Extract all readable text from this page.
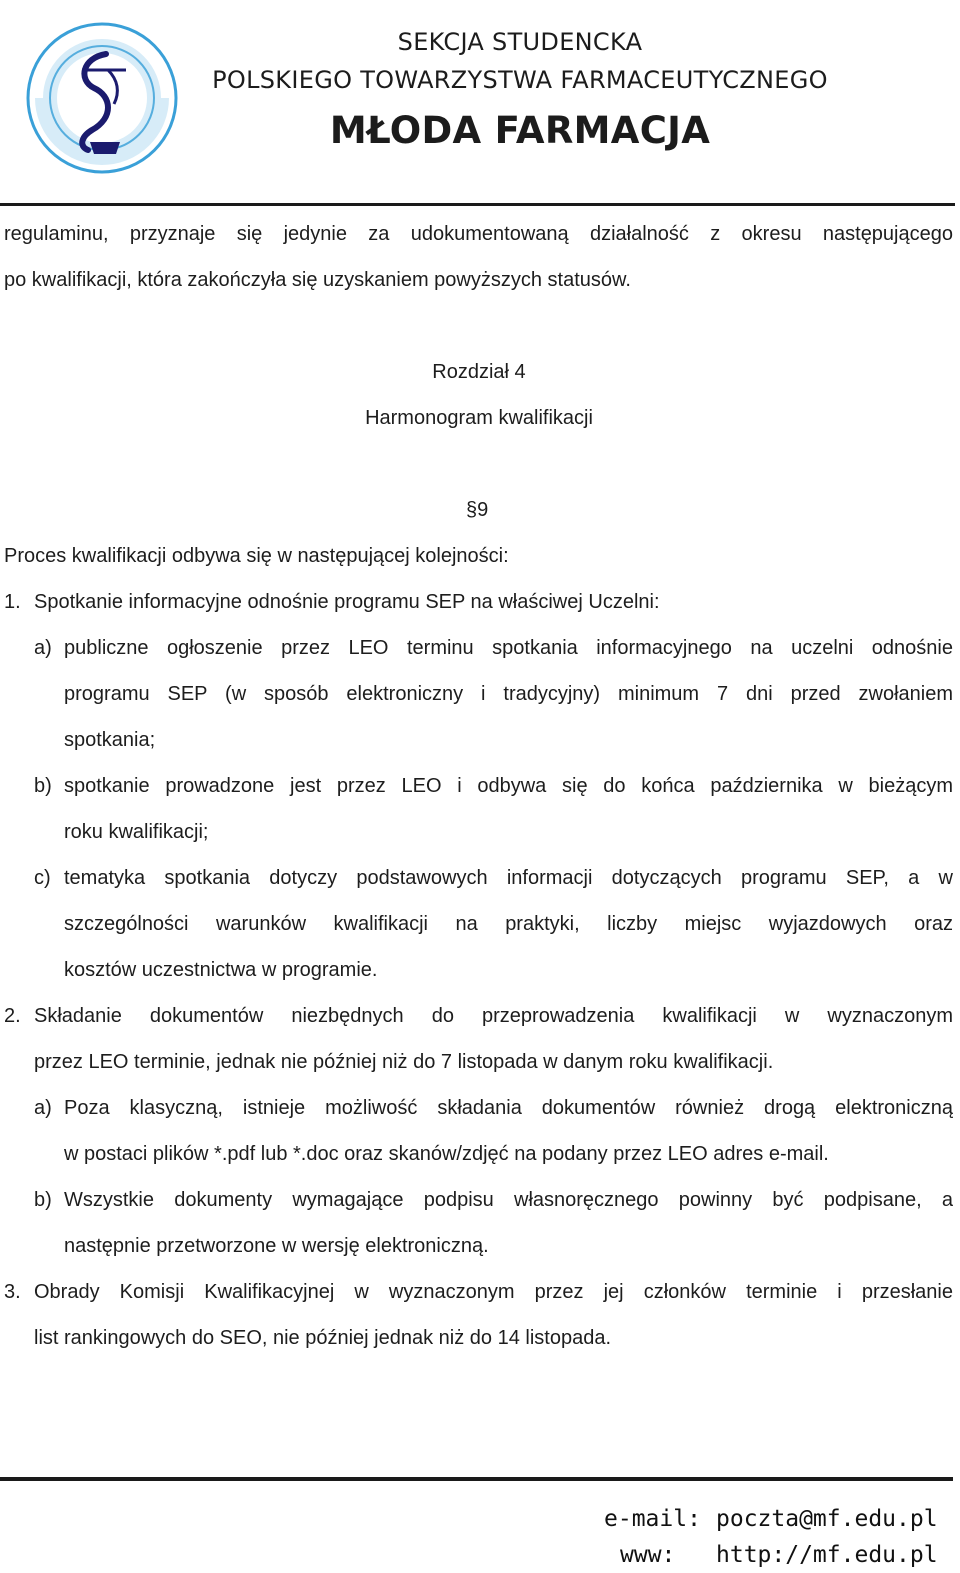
SEKCJA STUDENCKA
POLSKIEGO TOWARZYSTWA FARMACEUTYCZNEGO
MŁODA FARMACJA
regulaminu, przyznaje się jedynie za udokumentowaną działalność z okresu następującego
po kwalifikacji, która zakończyła się uzyskaniem powyższych statusów.
Rozdział 4
Harmonogram kwalifikacji
§9
Proces kwalifikacji odbywa się w następującej kolejności:
1. Spotkanie informacyjne odnośnie programu SEP na właściwej Uczelni:
a) publiczne ogłoszenie przez LEO terminu spotkania informacyjnego na uczelni odnośnie
programu SEP (w sposób elektroniczny i tradycyjny) minimum 7 dni przed zwołaniem
spotkania;
b) spotkanie prowadzone jest przez LEO i odbywa się do końca października w bieżącym
roku kwalifikacji;
c) tematyka spotkania dotyczy podstawowych informacji dotyczących programu SEP, a w
szczególności warunków kwalifikacji na praktyki, liczby miejsc wyjazdowych oraz
kosztów uczestnictwa w programie.
2. Składanie dokumentów niezbędnych do przeprowadzenia kwalifikacji w wyznaczonym
przez LEO terminie, jednak nie później niż do 7 listopada w danym roku kwalifikacji.
a) Poza klasyczną, istnieje możliwość składania dokumentów również drogą elektroniczną
w postaci plików *.pdf lub *.doc oraz skanów/zdjęć na podany przez LEO adres e-mail.
b) Wszystkie dokumenty wymagające podpisu własnoręcznego powinny być podpisane, a
następnie przetworzone w wersję elektroniczną.
3. Obrady Komisji Kwalifikacyjnej w wyznaczonym przez jej członków terminie i przesłanie
list rankingowych do SEO, nie później jednak niż do 14 listopada.
e-mail: poczta@mf.edu.pl
www: http://mf.edu.pl
